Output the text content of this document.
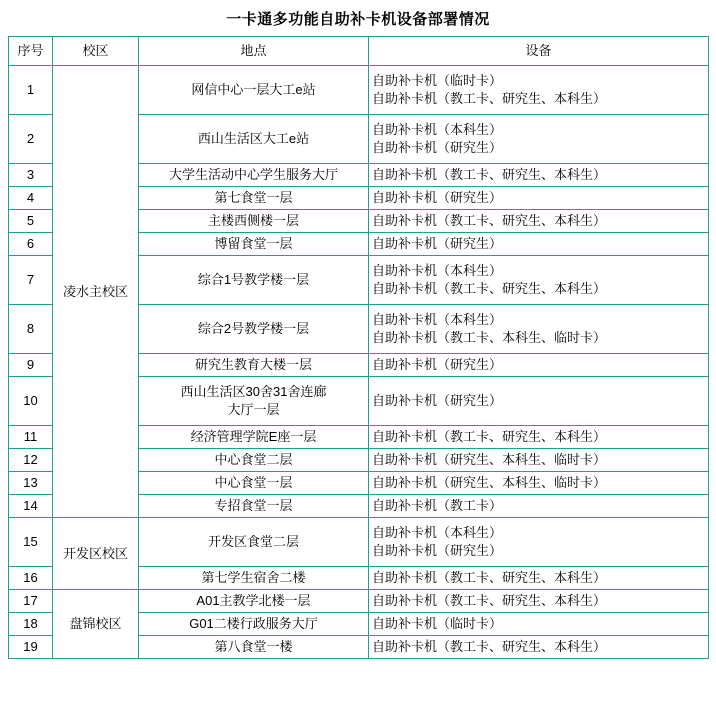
一卡通多功能自助补卡机设备部署情况
序号	校区	地点	设备
1	凌水主校区	网信中心一层大工e站	自助补卡机（临时卡）
自助补卡机（教工卡、研究生、本科生）

2		西山生活区大工e站	自助补卡机（本科生）
自助补卡机（研究生）

3		大学生活动中心学生服务大厅	自助补卡机（教工卡、研究生、本科生）

4		第七食堂一层	自助补卡机（研究生）

5		主楼西侧楼一层	自助补卡机（教工卡、研究生、本科生）

6		博留食堂一层	自助补卡机（研究生）

7		综合1号教学楼一层	自助补卡机（本科生）
自助补卡机（教工卡、研究生、本科生）

8		综合2号教学楼一层	自助补卡机（本科生）
自助补卡机（教工卡、本科生、临时卡）

9		研究生教育大楼一层	自助补卡机（研究生）

10		西山生活区30舍31舍连廊
大厅一层	自助补卡机（研究生）

11		经济管理学院E座一层	自助补卡机（教工卡、研究生、本科生）

12		中心食堂二层	自助补卡机（研究生、本科生、临时卡）

13		中心食堂一层	自助补卡机（研究生、本科生、临时卡）

14		专招食堂一层	自助补卡机（教工卡）

15	开发区校区	开发区食堂二层	自助补卡机（本科生）
自助补卡机（研究生）

16		第七学生宿舍二楼	自助补卡机（教工卡、研究生、本科生）

17	盘锦校区	A01主教学北楼一层	自助补卡机（教工卡、研究生、本科生）

18		G01二楼行政服务大厅	自助补卡机（临时卡）

19		第八食堂一楼	自助补卡机（教工卡、研究生、本科生）
